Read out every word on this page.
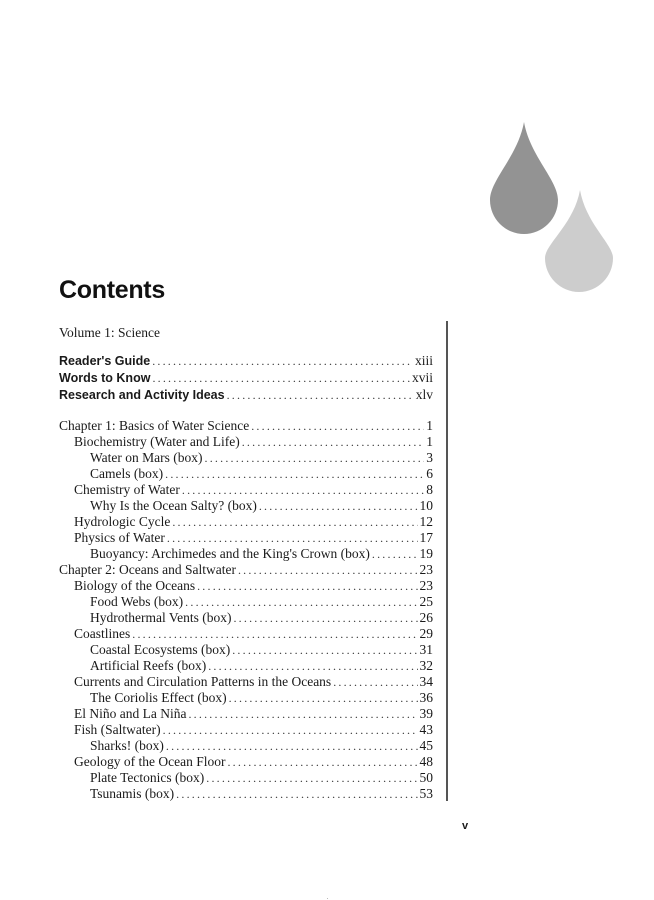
Contents
Volume 1: Science
Reader's Guide .....	xiii
Words to Know .....	xvii
Research and Activity Ideas .....	xlv
Chapter 1: Basics of Water Science .....	1
Biochemistry (Water and Life) .....	1
Water on Mars (box) .....	3
Camels (box) .....	6
Chemistry of Water .....	8
Why Is the Ocean Salty? (box) .....	10
Hydrologic Cycle .....	12
Physics of Water .....	17
Buoyancy: Archimedes and the King's Crown (box) .....	19
Chapter 2: Oceans and Saltwater .....	23
Biology of the Oceans .....	23
Food Webs (box) .....	25
Hydrothermal Vents (box) .....	26
Coastlines .....	29
Coastal Ecosystems (box) .....	31
Artificial Reefs (box) .....	32
Currents and Circulation Patterns in the Oceans .....	34
The Coriolis Effect (box) .....	36
El Niño and La Niña .....	39
Fish (Saltwater) .....	43
Sharks! (box) .....	45
Geology of the Ocean Floor .....	48
Plate Tectonics (box) .....	50
Tsunamis (box) .....	53
v
